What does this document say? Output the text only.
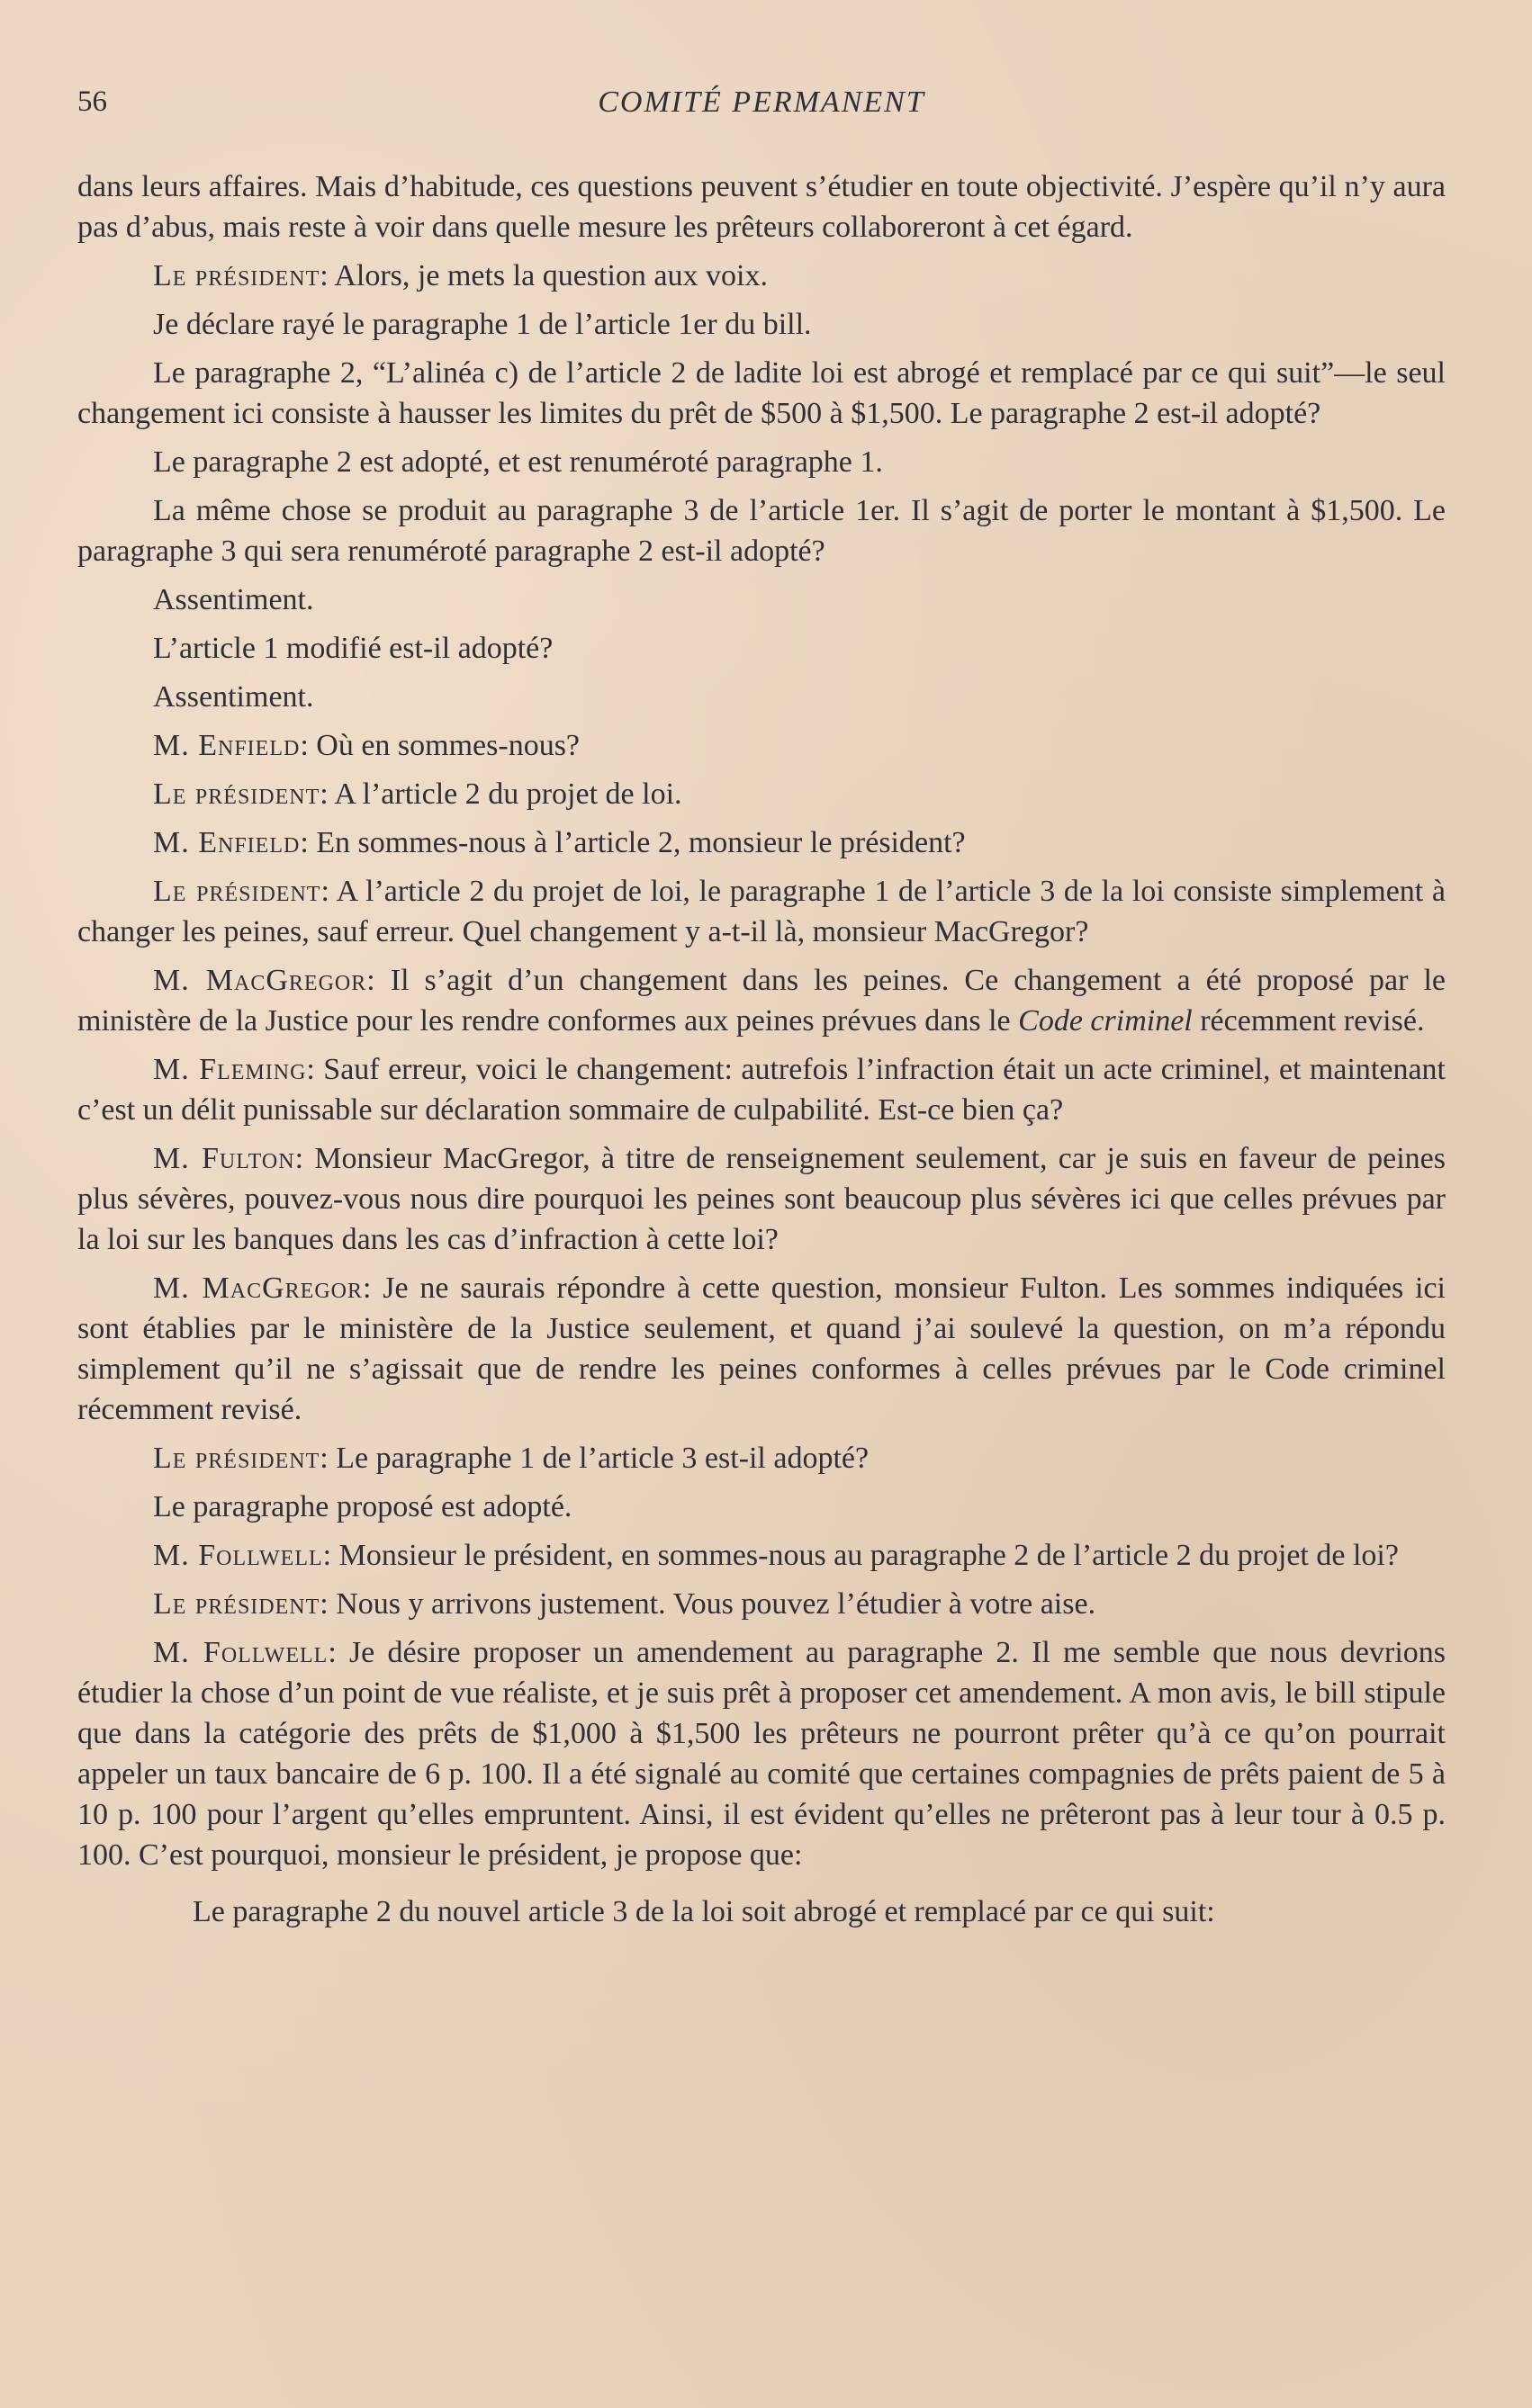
56	COMITÉ PERMANENT

dans leurs affaires. Mais d’habitude, ces questions peuvent s’étudier en toute objectivité. J’espère qu’il n’y aura pas d’abus, mais reste à voir dans quelle mesure les prêteurs collaboreront à cet égard.

Le président: Alors, je mets la question aux voix.

Je déclare rayé le paragraphe 1 de l’article 1er du bill.

Le paragraphe 2, “L’alinéa c) de l’article 2 de ladite loi est abrogé et remplacé par ce qui suit”—le seul changement ici consiste à hausser les limites du prêt de $500 à $1,500. Le paragraphe 2 est-il adopté?

Le paragraphe 2 est adopté, et est renuméroté paragraphe 1.

La même chose se produit au paragraphe 3 de l’article 1er. Il s’agit de porter le montant à $1,500. Le paragraphe 3 qui sera renuméroté paragraphe 2 est-il adopté?

Assentiment.

L’article 1 modifié est-il adopté?

Assentiment.

M. Enfield: Où en sommes-nous?

Le président: A l’article 2 du projet de loi.

M. Enfield: En sommes-nous à l’article 2, monsieur le président?

Le président: A l’article 2 du projet de loi, le paragraphe 1 de l’article 3 de la loi consiste simplement à changer les peines, sauf erreur. Quel changement y a-t-il là, monsieur MacGregor?

M. MacGregor: Il s’agit d’un changement dans les peines. Ce changement a été proposé par le ministère de la Justice pour les rendre conformes aux peines prévues dans le Code criminel récemment revisé.

M. Fleming: Sauf erreur, voici le changement: autrefois l’infraction était un acte criminel, et maintenant c’est un délit punissable sur déclaration sommaire de culpabilité. Est-ce bien ça?

M. Fulton: Monsieur MacGregor, à titre de renseignement seulement, car je suis en faveur de peines plus sévères, pouvez-vous nous dire pourquoi les peines sont beaucoup plus sévères ici que celles prévues par la loi sur les banques dans les cas d’infraction à cette loi?

M. MacGregor: Je ne saurais répondre à cette question, monsieur Fulton. Les sommes indiquées ici sont établies par le ministère de la Justice seulement, et quand j’ai soulevé la question, on m’a répondu simplement qu’il ne s’agissait que de rendre les peines conformes à celles prévues par le Code criminel récemment revisé.

Le président: Le paragraphe 1 de l’article 3 est-il adopté?

Le paragraphe proposé est adopté.

M. Follwell: Monsieur le président, en sommes-nous au paragraphe 2 de l’article 2 du projet de loi?

Le président: Nous y arrivons justement. Vous pouvez l’étudier à votre aise.

M. Follwell: Je désire proposer un amendement au paragraphe 2. Il me semble que nous devrions étudier la chose d’un point de vue réaliste, et je suis prêt à proposer cet amendement. A mon avis, le bill stipule que dans la catégorie des prêts de $1,000 à $1,500 les prêteurs ne pourront prêter qu’à ce qu’on pourrait appeler un taux bancaire de 6 p. 100. Il a été signalé au comité que certaines compagnies de prêts paient de 5 à 10 p. 100 pour l’argent qu’elles empruntent. Ainsi, il est évident qu’elles ne prêteront pas à leur tour à 0.5 p. 100. C’est pourquoi, monsieur le président, je propose que:

Le paragraphe 2 du nouvel article 3 de la loi soit abrogé et remplacé par ce qui suit:
